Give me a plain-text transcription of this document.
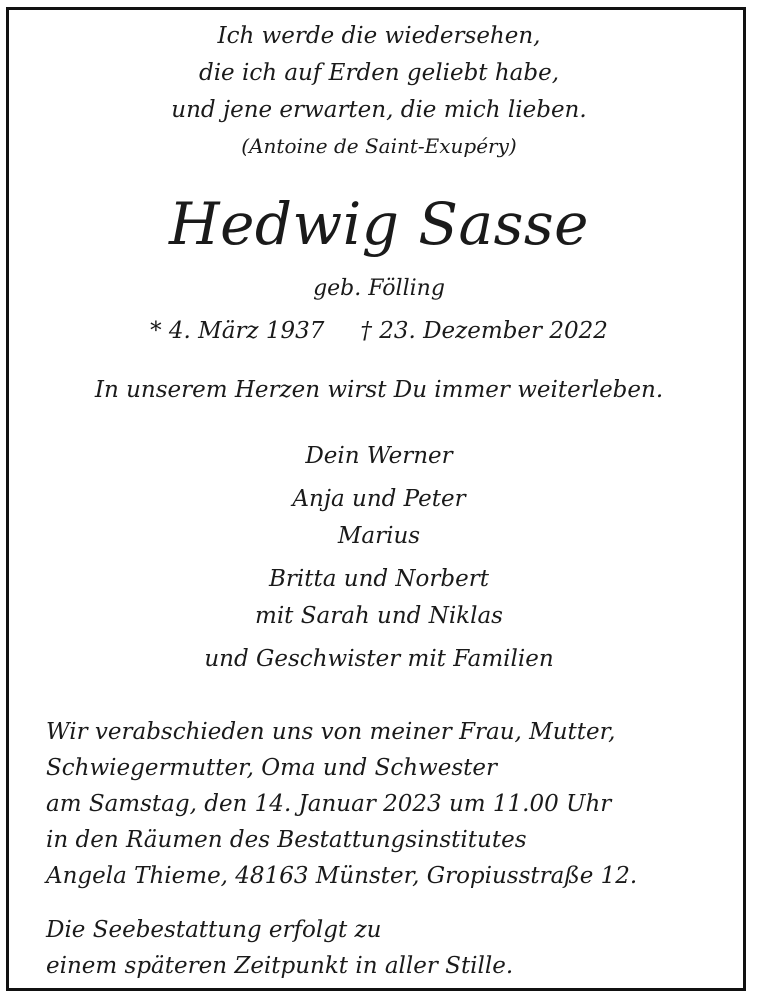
Ich werde die wiedersehen,
die ich auf Erden geliebt habe,
und jene erwarten, die mich lieben.
(Antoine de Saint-Exupéry)
Hedwig Sasse
geb. Fölling
* 4. März 1937 † 23. Dezember 2022
In unserem Herzen wirst Du immer weiterleben.
Dein Werner
Anja und Peter
Marius
Britta und Norbert
mit Sarah und Niklas
und Geschwister mit Familien
Wir verabschieden uns von meiner Frau, Mutter,
Schwiegermutter, Oma und Schwester
am Samstag, den 14. Januar 2023 um 11.00 Uhr
in den Räumen des Bestattungsinstitutes
Angela Thieme, 48163 Münster, Gropiusstraße 12.
Die Seebestattung erfolgt zu
einem späteren Zeitpunkt in aller Stille.
